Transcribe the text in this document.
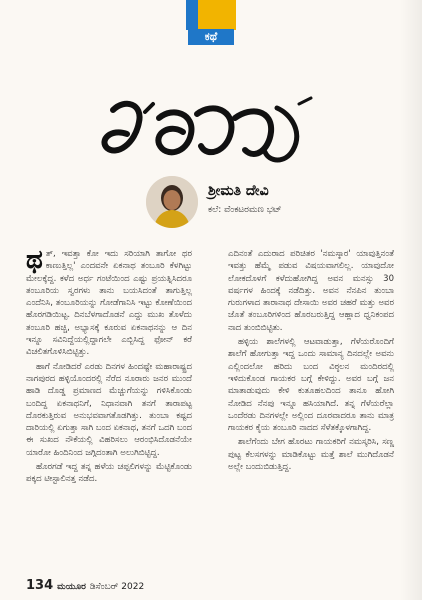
ಕಥೆ
ಶ್ರೀಮತಿ ದೇವಿ
ಕಲೆ: ವೆಂಕಟರಮಣ ಭಟ್

ಥತ್, ಇವತ್ತಾ ಕೋ ಇದು ಸರಿಯಾಗಿ ತಾಗೋ ಥರ ಕಾಣುತ್ತಿಲ್ಲ' ಎಂದವನೇ ಏಕನಾಥ ತಂಬೂರಿ ಕೆಳಗಿಟ್ಟು ಮೇಲಕ್ಕೆದ್ದ. ಕಳೆದ ಅರ್ಧ ಗಂಟೆಯಿಂದ ಎಷ್ಟು ಪ್ರಯತ್ನಿಸಿದರೂ ತಂಬೂರಿಯ ಸ್ವರಗಳು ತಾನು ಬಯಸಿದಂತೆ ತಾಗುತ್ತಿಲ್ಲ ಎಂದೆನಿಸಿ, ತಂಬೂರಿಯನ್ನು ಗೋಡೆಗಾನಿಸಿ ಇಟ್ಟು ಕೋಣೆಯಿಂದ ಹೊರಗಡಿಯಿಟ್ಟ. ದಿನಬೆಳಗಾದೊಡನೆ ಎದ್ದು ಮುಖ ತೊಳೆದು ತಂಬೂರಿ ಹಚ್ಚಿ, ಅಭ್ಯಾಸಕ್ಕೆ ಕೂರುವ ಏಕನಾಥನನ್ನು ಆ ದಿನ ಇನ್ನೂ ಸವಿನಿದ್ದೆಯಲ್ಲಿದ್ದಾಗಲೇ ಎಬ್ಬಿಸಿದ್ದ ಫೋನ್ ಕರೆ ವಿಚಲಿತಗೊಳಿಸಿಬಿಟ್ಟಿತ್ತು.

ಹಾಗೆ ನೋಡಿದರೆ ಎರಡು ದಿನಗಳ ಹಿಂದಷ್ಟೇ ಮಹಾರಾಷ್ಟ್ರದ ನಾಗಪುರದ ಹಳ್ಳಿಯೊಂದರಲ್ಲಿ ನೆರೆದ ನೂರಾರು ಜನರ ಮುಂದೆ ಹಾಡಿ ದೊಡ್ಡ ಪ್ರಮಾಣದ ಮೆಚ್ಚುಗೆಯನ್ನು ಗಳಿಸಿಕೊಂಡು ಬಂದಿದ್ದ ಏಕನಾಥನಿಗೆ, ನಿಧಾನವಾಗಿ ತನಗೆ ತಾರಾಪಟ್ಟ ದೊರಕುತ್ತಿರುವ ಅನುಭವವಾಗತೊಡಗಿತ್ತು. ತುಂಬಾ ಕಷ್ಟದ ದಾರಿಯಲ್ಲಿ ಏಗುತ್ತಾ ಸಾಗಿ ಬಂದ ಏಕನಾಥ, ತನಗೆ ಒದಗಿ ಬಂದ ಈ ಸುಖದ ನೌಕೆಯಲ್ಲಿ ವಿಹರಿಸಲು ಆರಂಭಿಸಿದೊಡನೆಯೇ ಯಾರೋ ಹಿಂದಿನಿಂದ ಜಗ್ಗಿದಂತಾಗಿ ಅಲುಗಿಬಿಟ್ಟಿದ್ದ.

ಹೊರಗಡೆ ಇದ್ದ ತನ್ನ ಹಳೆಯ ಚಪ್ಪಲಿಗಳನ್ನು ಮೆಟ್ಟಿಕೊಂಡು ಪಕ್ಕದ ಟೀಸ್ಟಾಲಿನತ್ತ ನಡೆದ.

ಎದಿನಂತೆ ಎದುರಾದ ಪರಿಚಿತರ 'ನಮಸ್ಕಾರ' ಯಾವುತ್ತಿನಂತೆ ಇವತ್ತು ಹೆಮ್ಮೆ ಪಡುವ ವಿಷಯವಾಗಲಿಲ್ಲ. ಯಾವುದೋ ಲೋಕದೊಳಗೆ ಕಳೆದುಹೋಗಿದ್ದ ಅವನ ಮನಸ್ಸು 30 ವರ್ಷಗಳ ಹಿಂದಕ್ಕೆ ನಡೆದಿತ್ತು. ಅವನ ನೆನಪಿನ ತುಂಬಾ ಗುರುಗಳಾದ ತಾರಾನಾಥ ದೇಸಾಯಿ ಅವರ ಚಹರೆ ಮತ್ತು ಅವರ ಜೊತೆ ತಂಬೂರಿಗಳಿಂದ ಹೊರಬರುತ್ತಿದ್ದ ಆಹ್ಲಾದ ಧ್ವನಿಕಂಪದ ನಾದ ತುಂಬಿಬಿಟ್ಟಿತು.

ಹಳ್ಳಿಯ ಶಾಲೆಗಳಲ್ಲಿ ಆಟವಾಡುತ್ತಾ, ಗೆಳೆಯರೊಂದಿಗೆ ಶಾಲೆಗೆ ಹೋಗುತ್ತಾ ಇದ್ದ ಒಂದು ಸಾಮಾನ್ಯ ದಿನದಲ್ಲೇ ಅವನು ಎಲ್ಲಿಂದಲೋ ಹರಿದು ಬಂದ ವಿಠ್ಠಲನ ಮಂದಿರದಲ್ಲಿ ಇಳಿದುಕೊಂಡ ಗಾಯಕರ ಬಗ್ಗೆ ಕೇಳಿದ್ದು. ಅವರ ಬಗ್ಗೆ ಜನ ಮಾತಾಡುವುದು ಕೇಳಿ ಕುತೂಹಲದಿಂದ ತಾನೂ ಹೋಗಿ ನೋಡಿದ ನೆನಪು ಇನ್ನೂ ಹಸಿಯಾಗಿದೆ. ತನ್ನ ಗೆಳೆಯರೆಲ್ಲಾ ಒಂದೆರಡು ದಿನಗಳಲ್ಲೇ ಅಲ್ಲಿಂದ ದೂರವಾದರೂ ತಾನು ಮಾತ್ರ ಗಾಯಕರ ಕೈಯ ತಂಬೂರಿ ನಾದದ ಸೆಳೆತಕ್ಕೊಳಗಾಗಿದ್ದ.

ಶಾಲೆಗೆಂದು ಬೇಗ ಹೊರಟು ಗಾಯಕರಿಗೆ ನಮಸ್ಕರಿಸಿ, ಸಣ್ಣ ಪುಟ್ಟ ಕೆಲಸಗಳನ್ನು ಮಾಡಿಕೊಟ್ಟು ಮತ್ತೆ ಶಾಲೆ ಮುಗಿದೊಡನೆ ಅಲ್ಲೇ ಬಂದುಬಿಡುತ್ತಿದ್ದ.

134 ಮಯೂರ ಡಿಸೆಂಬರ್ 2022
